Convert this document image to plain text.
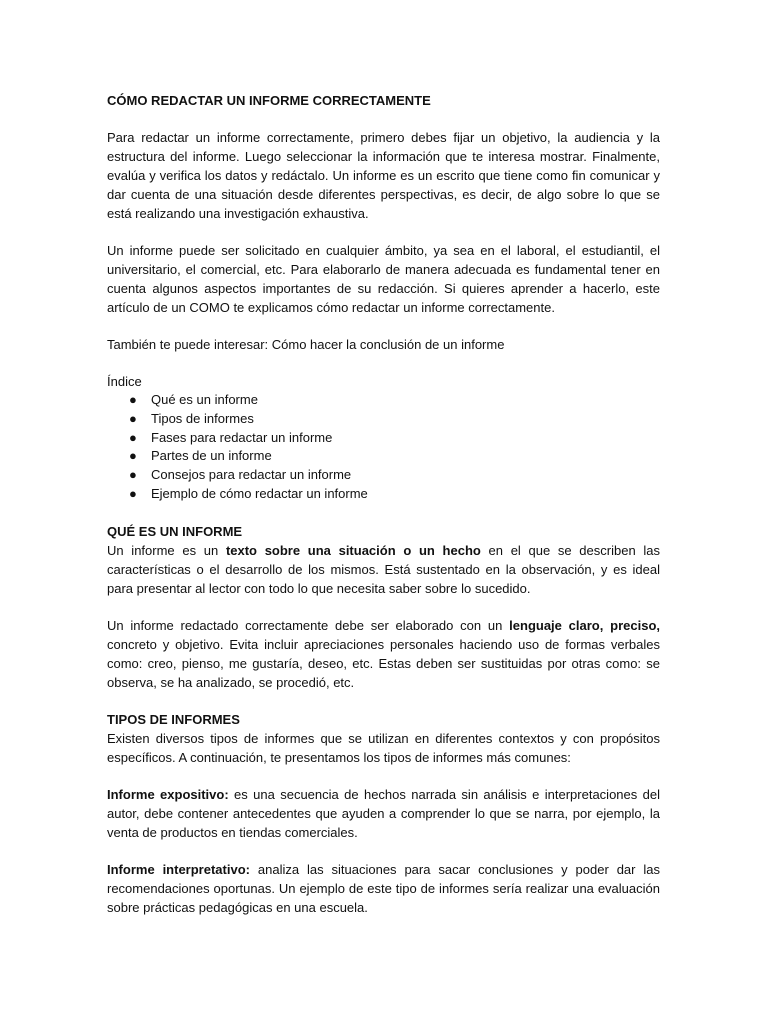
CÓMO REDACTAR UN INFORME CORRECTAMENTE

Para redactar un informe correctamente, primero debes fijar un objetivo, la audiencia y la estructura del informe. Luego seleccionar la información que te interesa mostrar. Finalmente, evalúa y verifica los datos y redáctalo. Un informe es un escrito que tiene como fin comunicar y dar cuenta de una situación desde diferentes perspectivas, es decir, de algo sobre lo que se está realizando una investigación exhaustiva.

Un informe puede ser solicitado en cualquier ámbito, ya sea en el laboral, el estudiantil, el universitario, el comercial, etc. Para elaborarlo de manera adecuada es fundamental tener en cuenta algunos aspectos importantes de su redacción. Si quieres aprender a hacerlo, este artículo de un COMO te explicamos cómo redactar un informe correctamente.

También te puede interesar: Cómo hacer la conclusión de un informe

Índice
● Qué es un informe
● Tipos de informes
● Fases para redactar un informe
● Partes de un informe
● Consejos para redactar un informe
● Ejemplo de cómo redactar un informe
QUÉ ES UN INFORME

Un informe es un texto sobre una situación o un hecho en el que se describen las características o el desarrollo de los mismos. Está sustentado en la observación, y es ideal para presentar al lector con todo lo que necesita saber sobre lo sucedido.

Un informe redactado correctamente debe ser elaborado con un lenguaje claro, preciso, concreto y objetivo. Evita incluir apreciaciones personales haciendo uso de formas verbales como: creo, pienso, me gustaría, deseo, etc. Estas deben ser sustituidas por otras como: se observa, se ha analizado, se procedió, etc.

TIPOS DE INFORMES

Existen diversos tipos de informes que se utilizan en diferentes contextos y con propósitos específicos. A continuación, te presentamos los tipos de informes más comunes:

Informe expositivo: es una secuencia de hechos narrada sin análisis e interpretaciones del autor, debe contener antecedentes que ayuden a comprender lo que se narra, por ejemplo, la venta de productos en tiendas comerciales.

Informe interpretativo: analiza las situaciones para sacar conclusiones y poder dar las recomendaciones oportunas. Un ejemplo de este tipo de informes sería realizar una evaluación sobre prácticas pedagógicas en una escuela.
